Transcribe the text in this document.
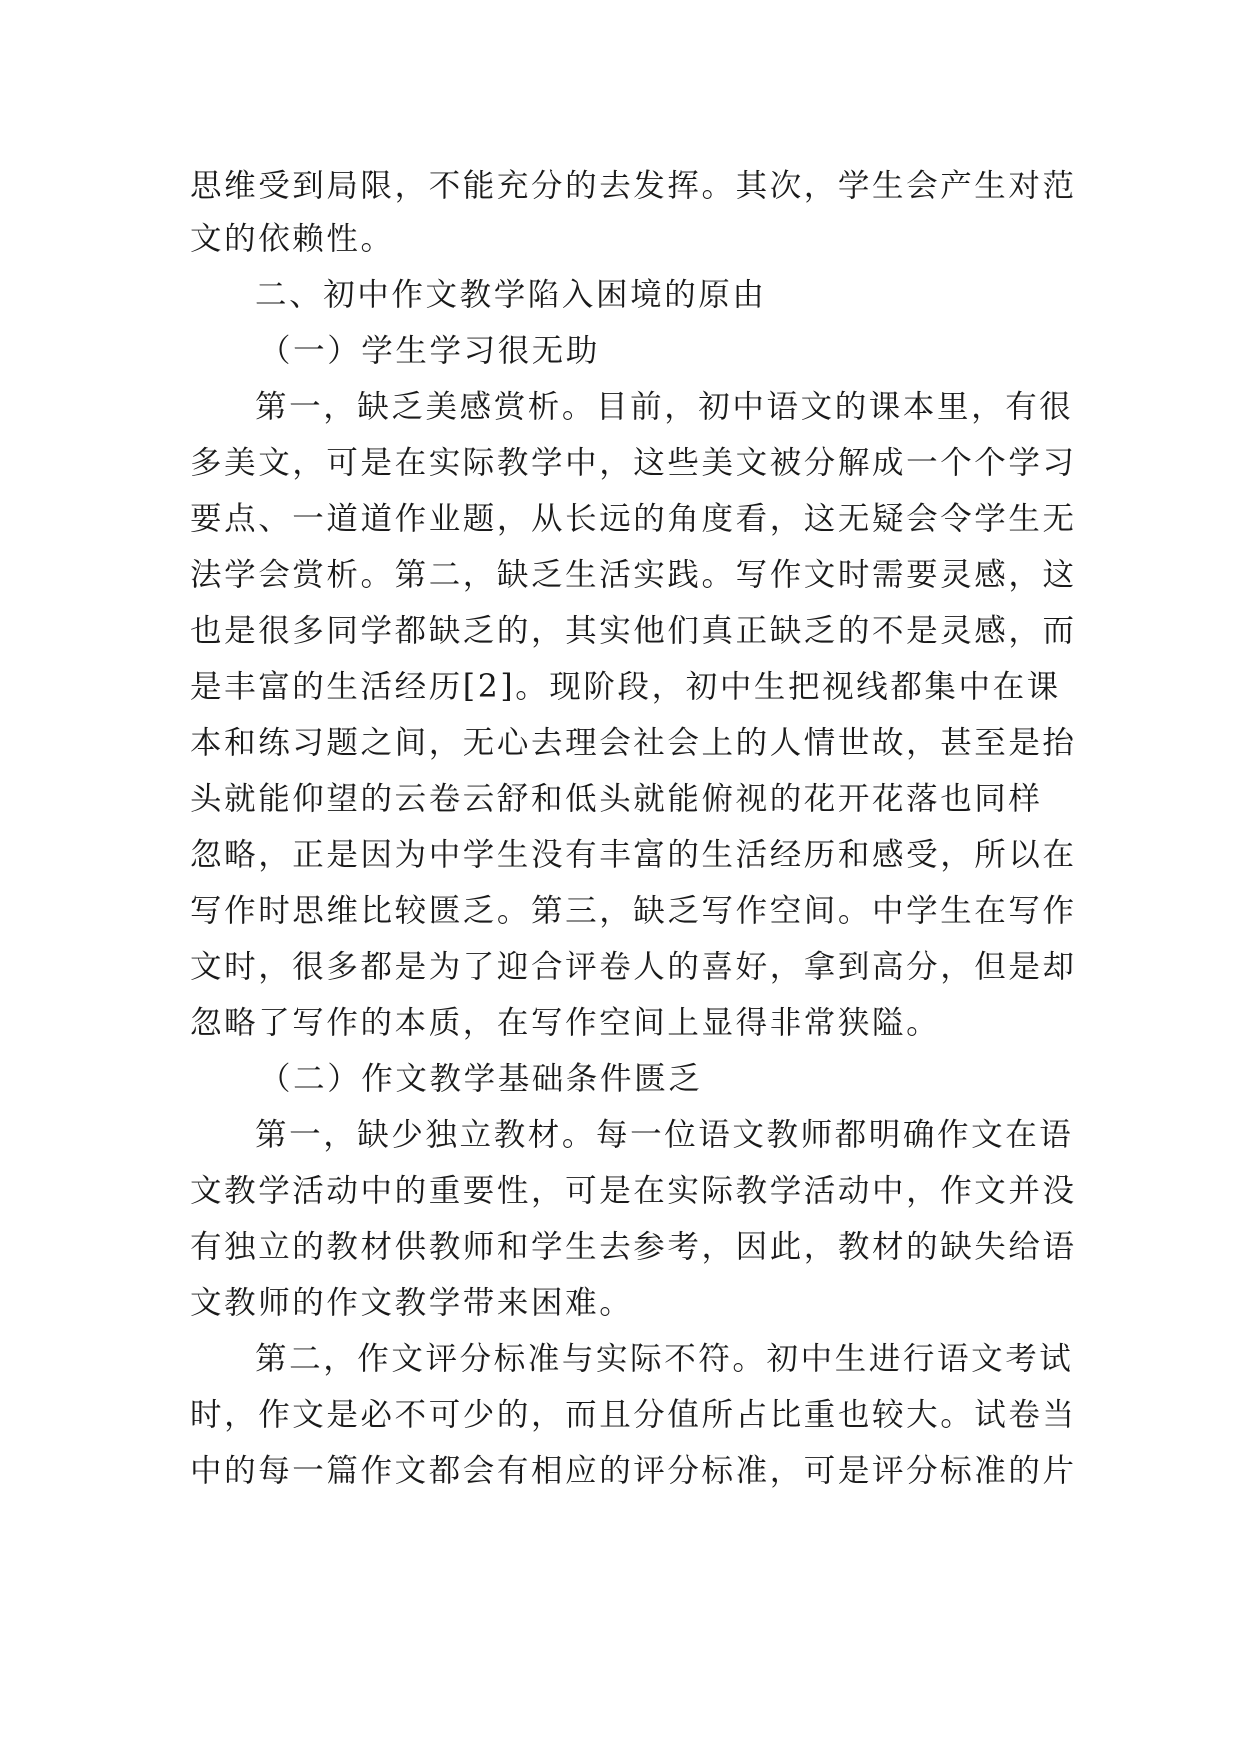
思维受到局限，不能充分的去发挥。其次，学生会产生对范
文的依赖性。
二、初中作文教学陷入困境的原由
（一）学生学习很无助
第一，缺乏美感赏析。目前，初中语文的课本里，有很
多美文，可是在实际教学中，这些美文被分解成一个个学习
要点、一道道作业题，从长远的角度看，这无疑会令学生无
法学会赏析。第二，缺乏生活实践。写作文时需要灵感，这
也是很多同学都缺乏的，其实他们真正缺乏的不是灵感，而
是丰富的生活经历[2]。现阶段，初中生把视线都集中在课
本和练习题之间，无心去理会社会上的人情世故，甚至是抬
头就能仰望的云卷云舒和低头就能俯视的花开花落也同样
忽略，正是因为中学生没有丰富的生活经历和感受，所以在
写作时思维比较匮乏。第三，缺乏写作空间。中学生在写作
文时，很多都是为了迎合评卷人的喜好，拿到高分，但是却
忽略了写作的本质，在写作空间上显得非常狭隘。
（二）作文教学基础条件匮乏
第一，缺少独立教材。每一位语文教师都明确作文在语
文教学活动中的重要性，可是在实际教学活动中，作文并没
有独立的教材供教师和学生去参考，因此，教材的缺失给语
文教师的作文教学带来困难。
第二，作文评分标准与实际不符。初中生进行语文考试
时，作文是必不可少的，而且分值所占比重也较大。试卷当
中的每一篇作文都会有相应的评分标准，可是评分标准的片
